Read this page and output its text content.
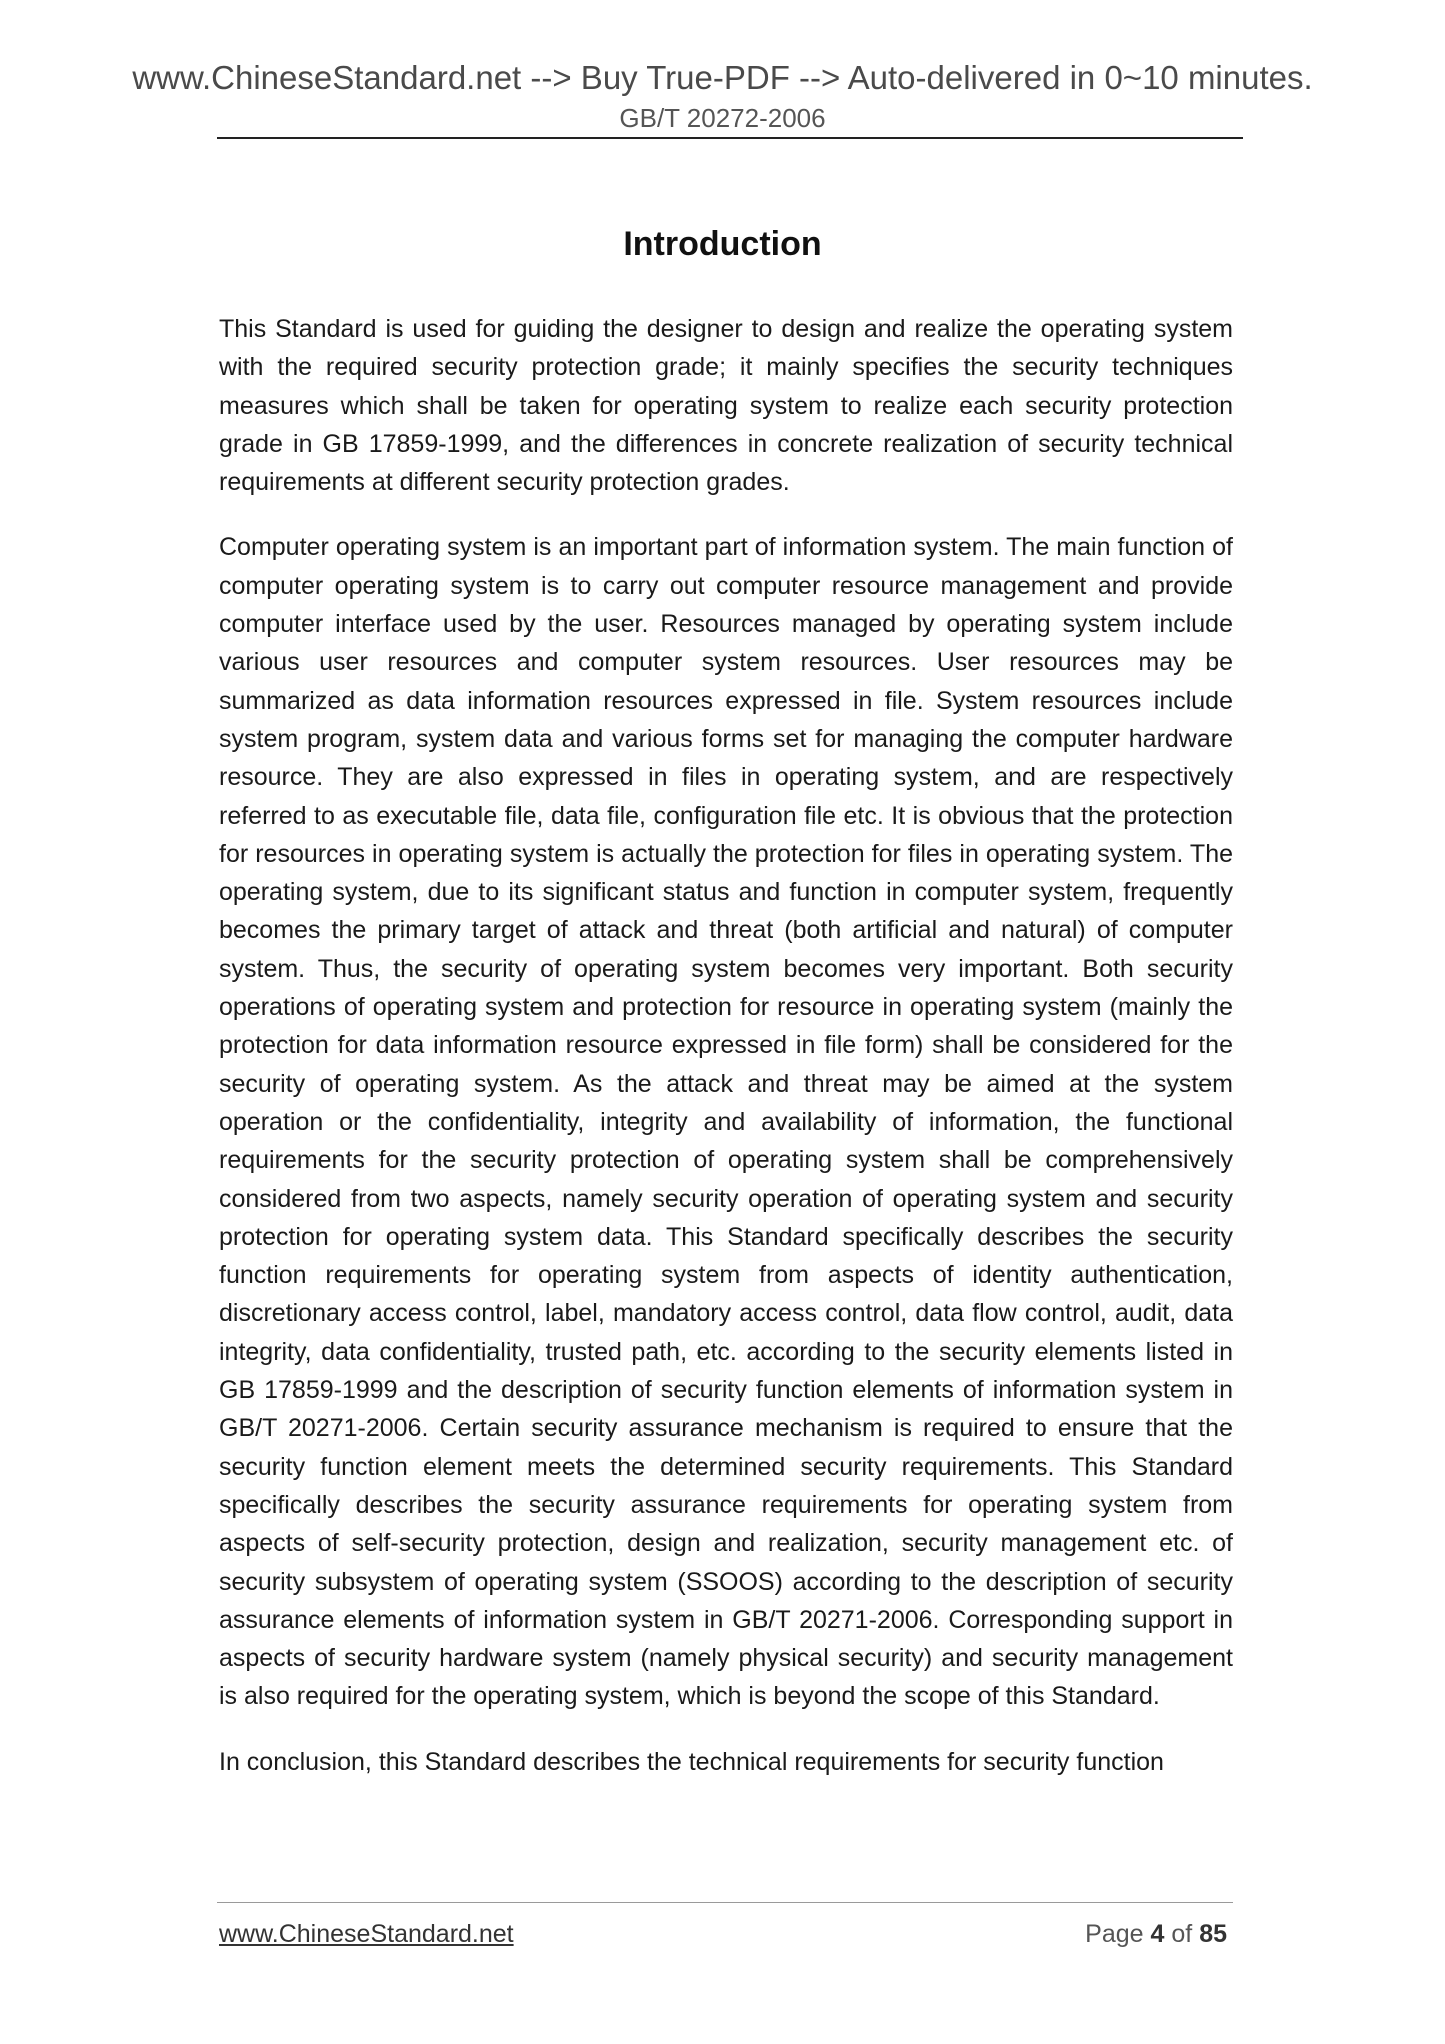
www.ChineseStandard.net --> Buy True-PDF --> Auto-delivered in 0~10 minutes.
GB/T 20272-2006
Introduction

This Standard is used for guiding the designer to design and realize the operating system with the required security protection grade; it mainly specifies the security techniques measures which shall be taken for operating system to realize each security protection grade in GB 17859-1999, and the differences in concrete realization of security technical requirements at different security protection grades.

Computer operating system is an important part of information system. The main function of computer operating system is to carry out computer resource management and provide computer interface used by the user. Resources managed by operating system include various user resources and computer system resources. User resources may be summarized as data information resources expressed in file. System resources include system program, system data and various forms set for managing the computer hardware resource. They are also expressed in files in operating system, and are respectively referred to as executable file, data file, configuration file etc. It is obvious that the protection for resources in operating system is actually the protection for files in operating system. The operating system, due to its significant status and function in computer system, frequently becomes the primary target of attack and threat (both artificial and natural) of computer system. Thus, the security of operating system becomes very important. Both security operations of operating system and protection for resource in operating system (mainly the protection for data information resource expressed in file form) shall be considered for the security of operating system. As the attack and threat may be aimed at the system operation or the confidentiality, integrity and availability of information, the functional requirements for the security protection of operating system shall be comprehensively considered from two aspects, namely security operation of operating system and security protection for operating system data. This Standard specifically describes the security function requirements for operating system from aspects of identity authentication, discretionary access control, label, mandatory access control, data flow control, audit, data integrity, data confidentiality, trusted path, etc. according to the security elements listed in GB 17859-1999 and the description of security function elements of information system in GB/T 20271-2006. Certain security assurance mechanism is required to ensure that the security function element meets the determined security requirements. This Standard specifically describes the security assurance requirements for operating system from aspects of self-security protection, design and realization, security management etc. of security subsystem of operating system (SSOOS) according to the description of security assurance elements of information system in GB/T 20271-2006. Corresponding support in aspects of security hardware system (namely physical security) and security management is also required for the operating system, which is beyond the scope of this Standard.

In conclusion, this Standard describes the technical requirements for security function

www.ChineseStandard.net	Page 4 of 85
